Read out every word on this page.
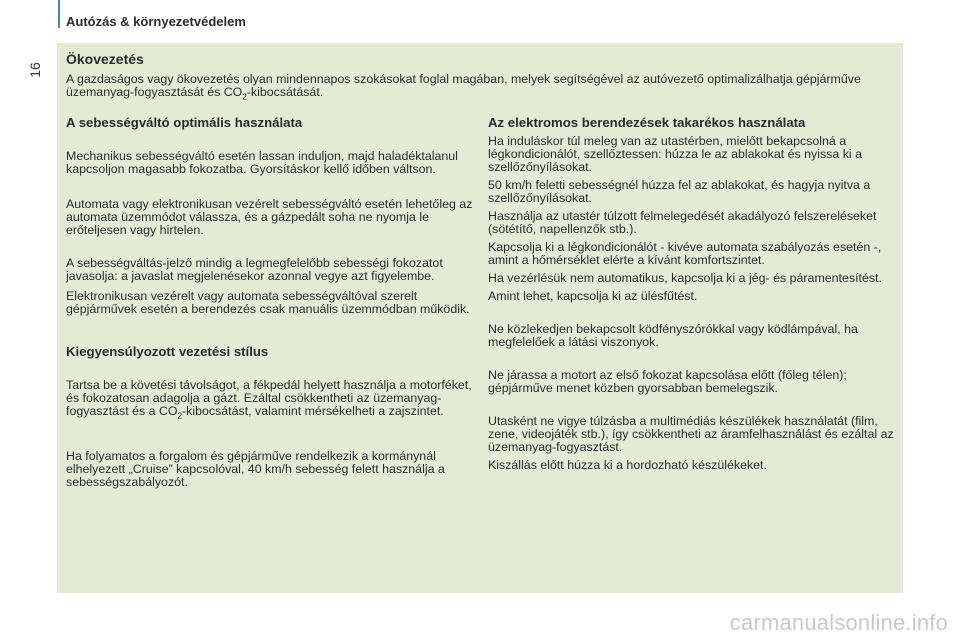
16
Autózás & környezetvédelem
Ökovezetés

A gazdaságos vagy ökovezetés olyan mindennapos szokásokat foglal magában, melyek segítségével az autóvezető optimalizálhatja gépjárműve üzemanyag-fogyasztását és $CO_2$-kibocsátását.

A sebességváltó optimális használata

Mechanikus sebességváltó esetén lassan induljon, majd haladéktalanul kapcsoljon magasabb fokozatba. Gyorsításkor kellő időben váltson.

Automata vagy elektronikusan vezérelt sebességváltó esetén lehetőleg az automata üzemmódot válassza, és a gázpedált soha ne nyomja le erőteljesen vagy hirtelen.

A sebességváltás-jelző mindig a legmegfelelőbb sebességi fokozatot javasolja: a javaslat megjelenésekor azonnal vegye azt figyelembe.

Elektronikusan vezérelt vagy automata sebességváltóval szerelt gépjárművek esetén a berendezés csak manuális üzemmódban működik.

Kiegyensúlyozott vezetési stílus

Tartsa be a követési távolságot, a fékpedál helyett használja a motorféket, és fokozatosan adagolja a gázt. Ezáltal csökkentheti az üzemanyag-fogyasztást és a $CO_2$-kibocsátást, valamint mérsékelheti a zajszintet.

Ha folyamatos a forgalom és gépjárműve rendelkezik a kormánynál elhelyezett „Cruise” kapcsolóval, 40 km/h sebesség felett használja a sebességszabályozót.

Az elektromos berendezések takarékos használata

Ha induláskor túl meleg van az utastérben, mielőtt bekapcsolná a légkondicionálót, szellőztessen: húzza le az ablakokat és nyissa ki a szellőzőnyílásokat.

50 km/h feletti sebességnél húzza fel az ablakokat, és hagyja nyitva a szellőzőnyílásokat.

Használja az utastér túlzott felmelegedését akadályozó felszereléseket (sötétítő, napellenzők stb.).

Kapcsolja ki a légkondicionálót - kivéve automata szabályozás esetén -, amint a hőmérséklet elérte a kívánt komfortszintet.

Ha vezérlésük nem automatikus, kapcsolja ki a jég- és páramentesítést.

Amint lehet, kapcsolja ki az ülésfűtést.

Ne közlekedjen bekapcsolt ködfényszórókkal vagy ködlámpával, ha megfelelőek a látási viszonyok.

Ne járassa a motort az első fokozat kapcsolása előtt (főleg télen); gépjárműve menet közben gyorsabban bemelegszik.

Utasként ne vigye túlzásba a multimédiás készülékek használatát (film, zene, videojáték stb.), így csökkentheti az áramfelhasználást és ezáltal az üzemanyag-fogyasztást.

Kiszállás előtt húzza ki a hordozható készülékeket.

carmanualsonline.info
